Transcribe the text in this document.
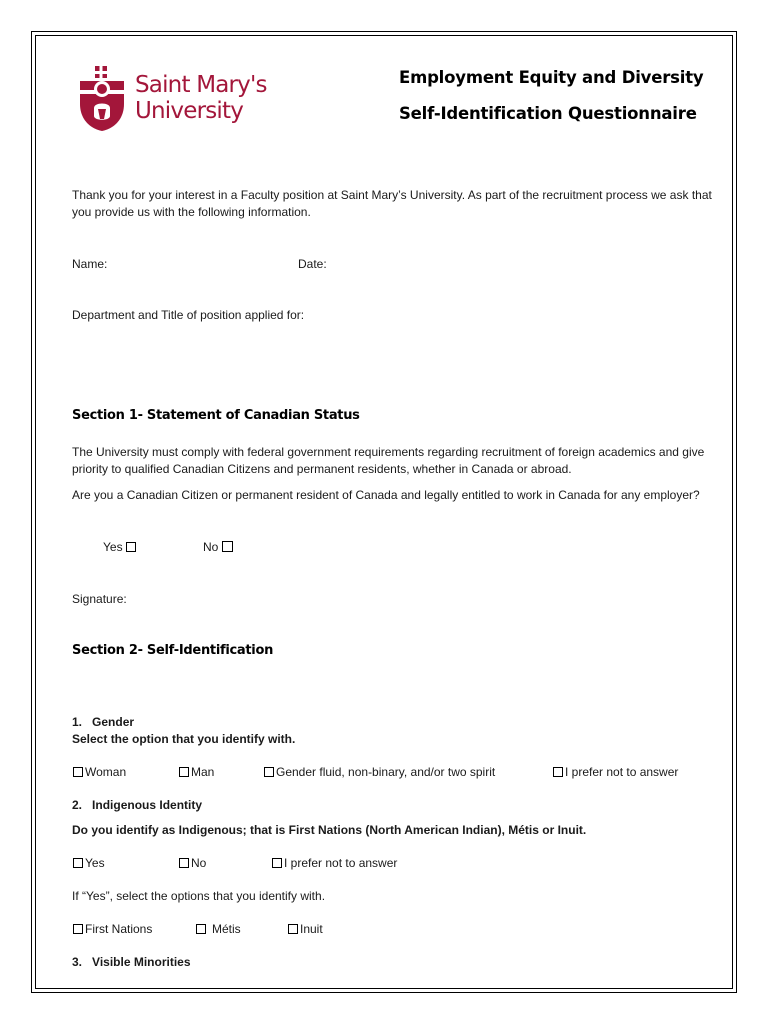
Saint Mary's
University
Employment Equity and Diversity
Self-Identification Questionnaire
Thank you for your interest in a Faculty position at Saint Mary’s University. As part of the recruitment process we ask that you provide us with the following information.
Name:	Date:
Department and Title of position applied for:
Section 1- Statement of Canadian Status
The University must comply with federal government requirements regarding recruitment of foreign academics and give priority to qualified Canadian Citizens and permanent residents, whether in Canada or abroad.
Are you a Canadian Citizen or permanent resident of Canada and legally entitled to work in Canada for any employer?
Yes	No
Signature:
Section 2- Self-Identification
1. Gender
Select the option that you identify with.
Woman	Man	Gender fluid, non-binary, and/or two spirit	I prefer not to answer
2. Indigenous Identity
Do you identify as Indigenous; that is First Nations (North American Indian), Métis or Inuit.
Yes	No	I prefer not to answer
If “Yes”, select the options that you identify with.
First Nations	Métis	Inuit
3. Visible Minorities
